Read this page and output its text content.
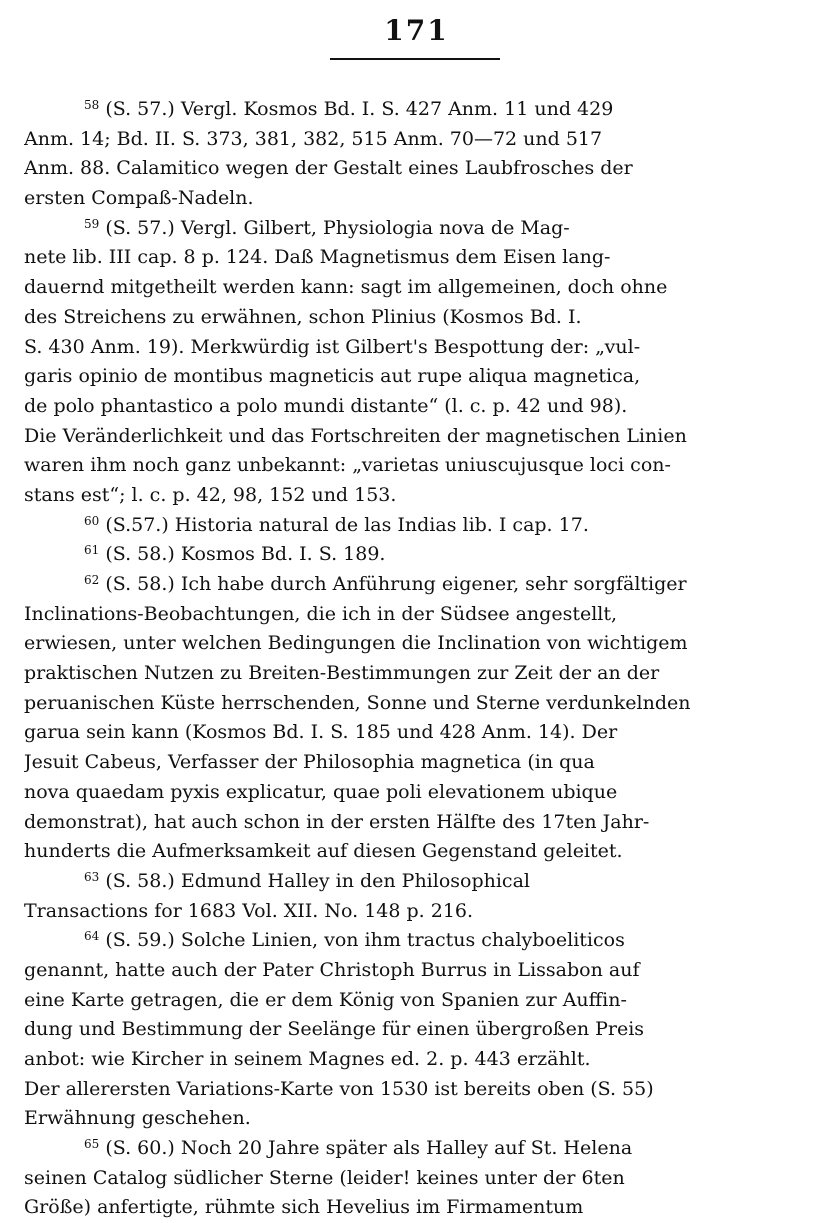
171
$^{58}$ (S. 57.) Vergl. Kosmos Bd. I. S. 427 Anm. 11 und 429
Anm. 14; Bd. II. S. 373, 381, 382, 515 Anm. 70—72 und 517
Anm. 88. Calamitico wegen der Gestalt eines Laubfrosches der
ersten Compaß-Nadeln.
$^{59}$ (S. 57.) Vergl. Gilbert, Physiologia nova de Mag-
nete lib. III cap. 8 p. 124. Daß Magnetismus dem Eisen lang-
dauernd mitgetheilt werden kann: sagt im allgemeinen, doch ohne
des Streichens zu erwähnen, schon Plinius (Kosmos Bd. I.
S. 430 Anm. 19). Merkwürdig ist Gilbert's Bespottung der: „vul-
garis opinio de montibus magneticis aut rupe aliqua magnetica,
de polo phantastico a polo mundi distante“ (l. c. p. 42 und 98).
Die Veränderlichkeit und das Fortschreiten der magnetischen Linien
waren ihm noch ganz unbekannt: „varietas uniuscujusque loci con-
stans est“; l. c. p. 42, 98, 152 und 153.
$^{60}$ (S.57.) Historia natural de las Indias lib. I cap. 17.
$^{61}$ (S. 58.) Kosmos Bd. I. S. 189.
$^{62}$ (S. 58.) Ich habe durch Anführung eigener, sehr sorgfältiger
Inclinations-Beobachtungen, die ich in der Südsee angestellt,
erwiesen, unter welchen Bedingungen die Inclination von wichtigem
praktischen Nutzen zu Breiten-Bestimmungen zur Zeit der an der
peruanischen Küste herrschenden, Sonne und Sterne verdunkelnden
garua sein kann (Kosmos Bd. I. S. 185 und 428 Anm. 14). Der
Jesuit Cabeus, Verfasser der Philosophia magnetica (in qua
nova quaedam pyxis explicatur, quae poli elevationem ubique
demonstrat), hat auch schon in der ersten Hälfte des 17ten Jahr-
hunderts die Aufmerksamkeit auf diesen Gegenstand geleitet.
$^{63}$ (S. 58.) Edmund Halley in den Philosophical
Transactions for 1683 Vol. XII. No. 148 p. 216.
$^{64}$ (S. 59.) Solche Linien, von ihm tractus chalyboeliticos
genannt, hatte auch der Pater Christoph Burrus in Lissabon auf
eine Karte getragen, die er dem König von Spanien zur Auffin-
dung und Bestimmung der Seelänge für einen übergroßen Preis
anbot: wie Kircher in seinem Magnes ed. 2. p. 443 erzählt.
Der allerersten Variations-Karte von 1530 ist bereits oben (S. 55)
Erwähnung geschehen.
$^{65}$ (S. 60.) Noch 20 Jahre später als Halley auf St. Helena
seinen Catalog südlicher Sterne (leider! keines unter der 6ten
Größe) anfertigte, rühmte sich Hevelius im Firmamentum
